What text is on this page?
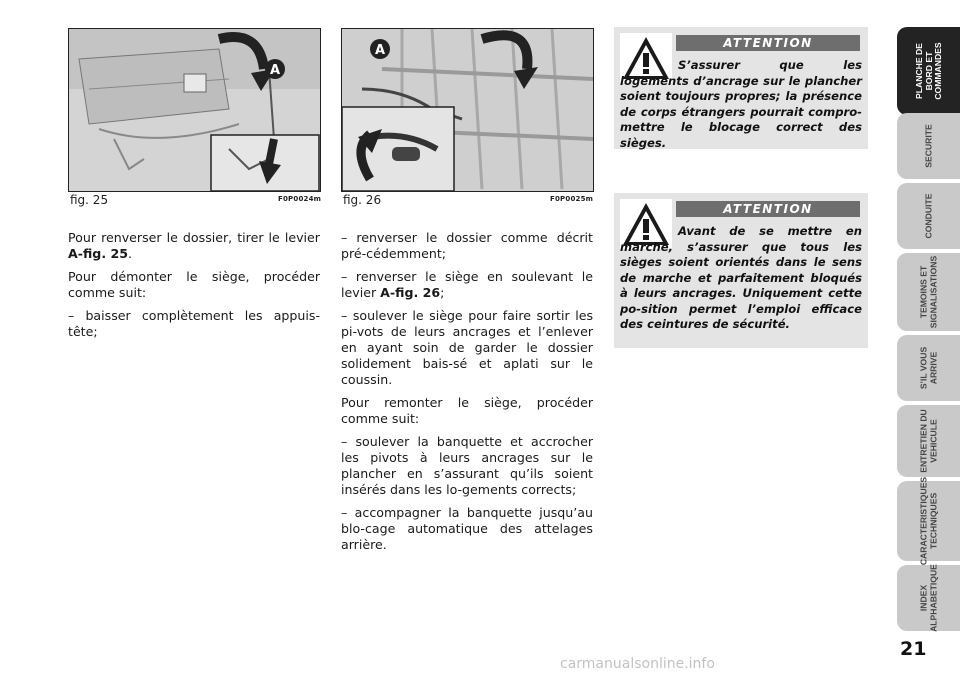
A
fig. 25	F0P0024m
A
fig. 26	F0P0025m

Pour renverser le dossier, tirer le levier A-fig. 25.

Pour démonter le siège, procéder comme suit:

– baisser complètement les appuis-tête;

– renverser le dossier comme décrit pré-cédemment;

– renverser le siège en soulevant le levier A-fig. 26;

– soulever le siège pour faire sortir les pi-vots de leurs ancrages et l’enlever en ayant soin de garder le dossier solidement bais-sé et aplati sur le coussin.

Pour remonter le siège, procéder comme suit:

– soulever la banquette et accrocher les pivots à leurs ancrages sur le plancher en s’assurant qu’ils soient insérés dans les lo-gements corrects;

– accompagner la banquette jusqu’au blo-cage automatique des attelages arrière.

ATTENTION
S’assurer que les logements d’ancrage sur le plancher soient toujours propres; la présence de corps étrangers pourrait compro-mettre le blocage correct des sièges.
ATTENTION
Avant de se mettre en marche, s’assurer que tous les sièges soient orientés dans le sens de marche et parfaitement bloqués à leurs ancrages. Uniquement cette po-sition permet l’emploi efficace des ceintures de sécurité.
PLANCHE DE
BORD ET
COMMANDES
SECURITE
CONDUITE
TEMOINS ET
SIGNALISATIONS
S’IL VOUS
ARRIVE
ENTRETIEN DU
VEHICULE
CARACTERISTIQUES
TECHNIQUES
INDEX
ALPHABETIQUE
21
carmanualsonline.info
